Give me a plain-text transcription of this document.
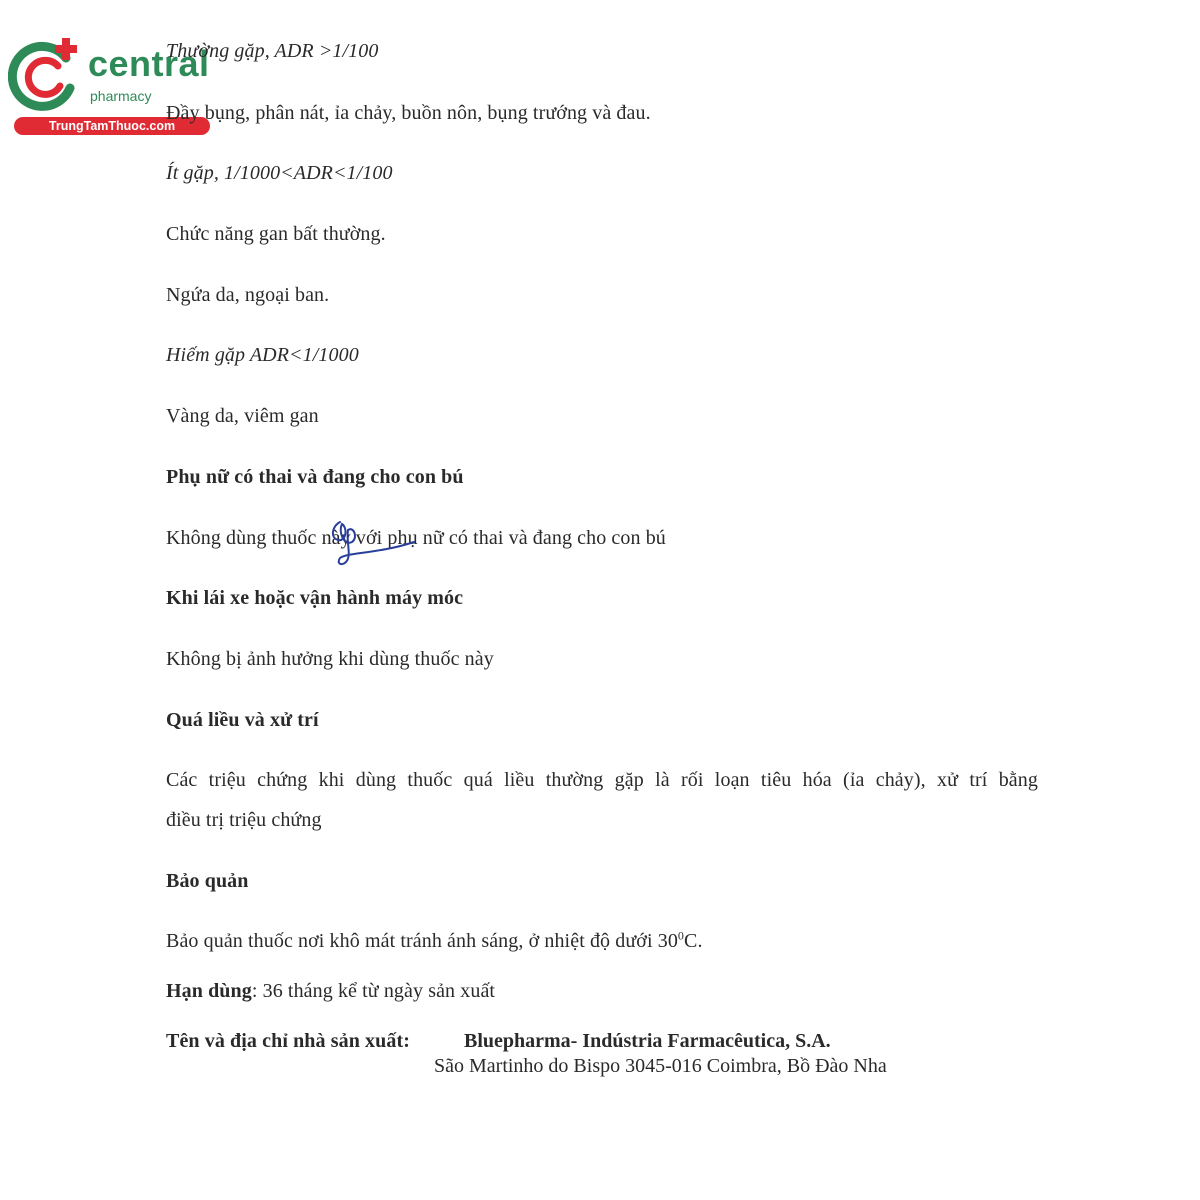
central
pharmacy
TrungTamThuoc.com
Thường gặp, ADR >1/100
Đầy bụng, phân nát, ỉa chảy, buồn nôn, bụng trướng và đau.
Ít gặp, 1/1000<ADR<1/100
Chức năng gan bất thường.
Ngứa da, ngoại ban.
Hiếm gặp ADR<1/1000
Vàng da, viêm gan
Phụ nữ có thai và đang cho con bú
Không dùng thuốc này với phụ nữ có thai và đang cho con bú
Khi lái xe hoặc vận hành máy móc
Không bị ảnh hưởng khi dùng thuốc này
Quá liều và xử trí
Các triệu chứng khi dùng thuốc quá liều thường gặp là rối loạn tiêu hóa (ỉa chảy), xử trí bằng
điều trị triệu chứng
Bảo quản
Bảo quản thuốc nơi khô mát tránh ánh sáng, ở nhiệt độ dưới $30^0C$.
Hạn dùng: 36 tháng kể từ ngày sản xuất
Tên và địa chỉ nhà sản xuất:	Bluepharma- Indústria Farmacêutica, S.A.
São Martinho do Bispo 3045-016 Coimbra, Bồ Đào Nha
